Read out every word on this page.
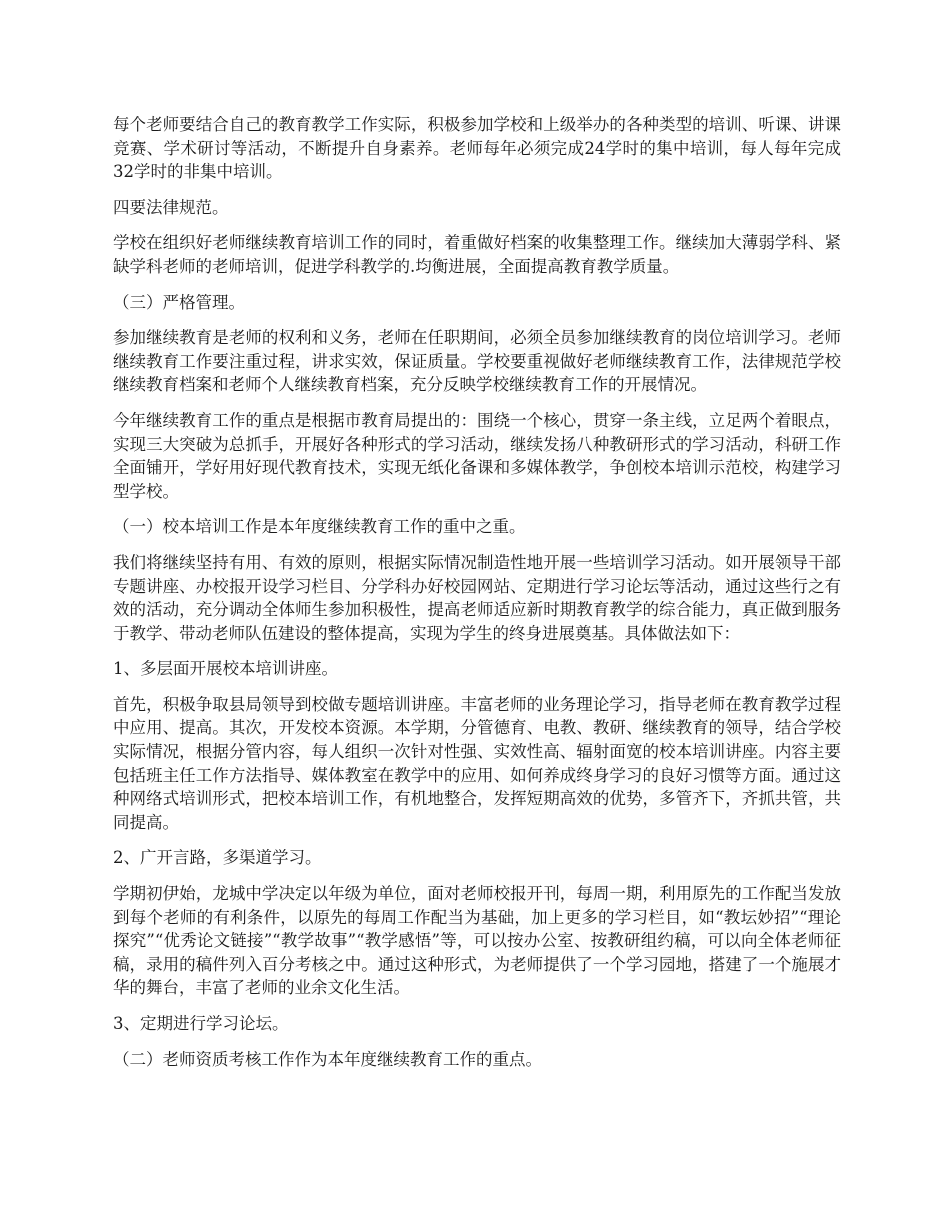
每个老师要结合自己的教育教学工作实际，积极参加学校和上级举办的各种类型的培训、听课、讲课竞赛、学术研讨等活动，不断提升自身素养。老师每年必须完成24学时的集中培训，每人每年完成32学时的非集中培训。

四要法律规范。

学校在组织好老师继续教育培训工作的同时，着重做好档案的收集整理工作。继续加大薄弱学科、紧缺学科老师的老师培训，促进学科教学的.均衡进展，全面提高教育教学质量。

（三）严格管理。

参加继续教育是老师的权利和义务，老师在任职期间，必须全员参加继续教育的岗位培训学习。老师继续教育工作要注重过程，讲求实效，保证质量。学校要重视做好老师继续教育工作，法律规范学校继续教育档案和老师个人继续教育档案，充分反映学校继续教育工作的开展情况。

今年继续教育工作的重点是根据市教育局提出的：围绕一个核心，贯穿一条主线，立足两个着眼点，实现三大突破为总抓手，开展好各种形式的学习活动，继续发扬八种教研形式的学习活动，科研工作全面铺开，学好用好现代教育技术，实现无纸化备课和多媒体教学，争创校本培训示范校，构建学习型学校。

（一）校本培训工作是本年度继续教育工作的重中之重。

我们将继续坚持有用、有效的原则，根据实际情况制造性地开展一些培训学习活动。如开展领导干部专题讲座、办校报开设学习栏目、分学科办好校园网站、定期进行学习论坛等活动，通过这些行之有效的活动，充分调动全体师生参加积极性，提高老师适应新时期教育教学的综合能力，真正做到服务于教学、带动老师队伍建设的整体提高，实现为学生的终身进展奠基。具体做法如下：

1、多层面开展校本培训讲座。

首先，积极争取县局领导到校做专题培训讲座。丰富老师的业务理论学习，指导老师在教育教学过程中应用、提高。其次，开发校本资源。本学期，分管德育、电教、教研、继续教育的领导，结合学校实际情况，根据分管内容，每人组织一次针对性强、实效性高、辐射面宽的校本培训讲座。内容主要包括班主任工作方法指导、媒体教室在教学中的应用、如何养成终身学习的良好习惯等方面。通过这种网络式培训形式，把校本培训工作，有机地整合，发挥短期高效的优势，多管齐下，齐抓共管，共同提高。

2、广开言路，多渠道学习。

学期初伊始，龙城中学决定以年级为单位，面对老师校报开刊，每周一期，利用原先的工作配当发放到每个老师的有利条件，以原先的每周工作配当为基础，加上更多的学习栏目，如“教坛妙招”“理论探究”“优秀论文链接”“教学故事”“教学感悟”等，可以按办公室、按教研组约稿，可以向全体老师征稿，录用的稿件列入百分考核之中。通过这种形式，为老师提供了一个学习园地，搭建了一个施展才华的舞台，丰富了老师的业余文化生活。

3、定期进行学习论坛。

（二）老师资质考核工作作为本年度继续教育工作的重点。
